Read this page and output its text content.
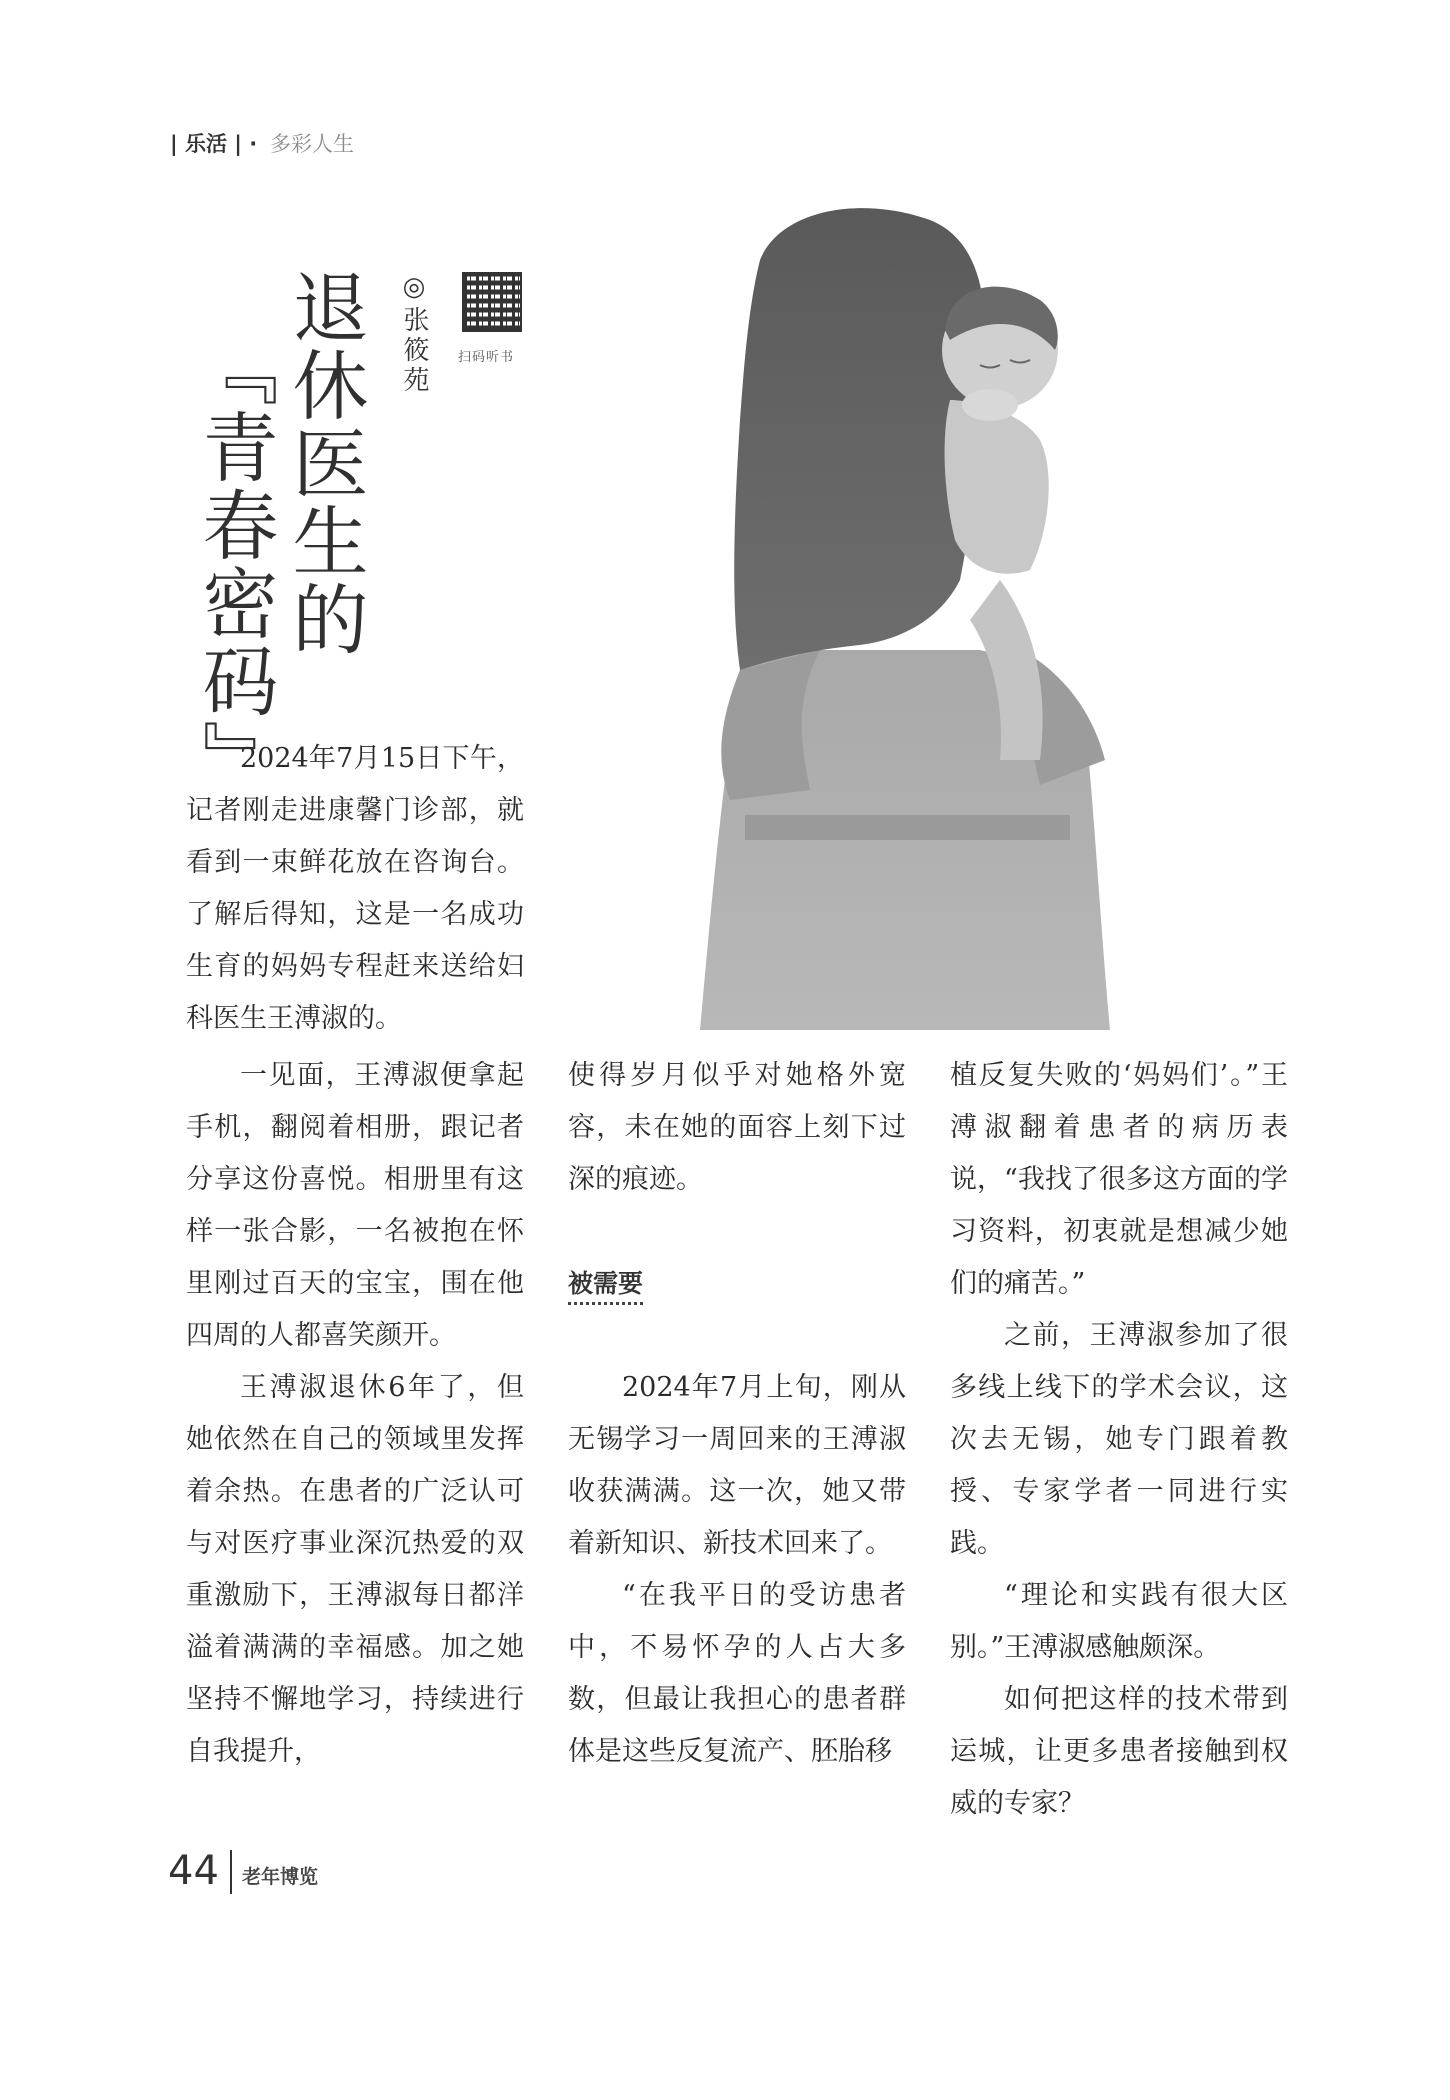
| 乐活 | · 多彩人生
退休医生的
『青春密码』	◎张筱苑	扫码听书

2024年7月15日下午，记者刚走进康馨门诊部，就看到一束鲜花放在咨询台。了解后得知，这是一名成功生育的妈妈专程赶来送给妇科医生王溥淑的。

一见面，王溥淑便拿起手机，翻阅着相册，跟记者分享这份喜悦。相册里有这样一张合影，一名被抱在怀里刚过百天的宝宝，围在他四周的人都喜笑颜开。

王溥淑退休6年了，但她依然在自己的领域里发挥着余热。在患者的广泛认可与对医疗事业深沉热爱的双重激励下，王溥淑每日都洋溢着满满的幸福感。加之她坚持不懈地学习，持续进行自我提升，

使得岁月似乎对她格外宽容，未在她的面容上刻下过深的痕迹。

被需要

2024年7月上旬，刚从无锡学习一周回来的王溥淑收获满满。这一次，她又带着新知识、新技术回来了。

“在我平日的受访患者中，不易怀孕的人占大多数，但最让我担心的患者群体是这些反复流产、胚胎移

植反复失败的‘妈妈们’。”王溥淑翻着患者的病历表说，“我找了很多这方面的学习资料，初衷就是想减少她们的痛苦。”

之前，王溥淑参加了很多线上线下的学术会议，这次去无锡，她专门跟着教授、专家学者一同进行实践。

“理论和实践有很大区别。”王溥淑感触颇深。

如何把这样的技术带到运城，让更多患者接触到权威的专家？

44 老年博览
